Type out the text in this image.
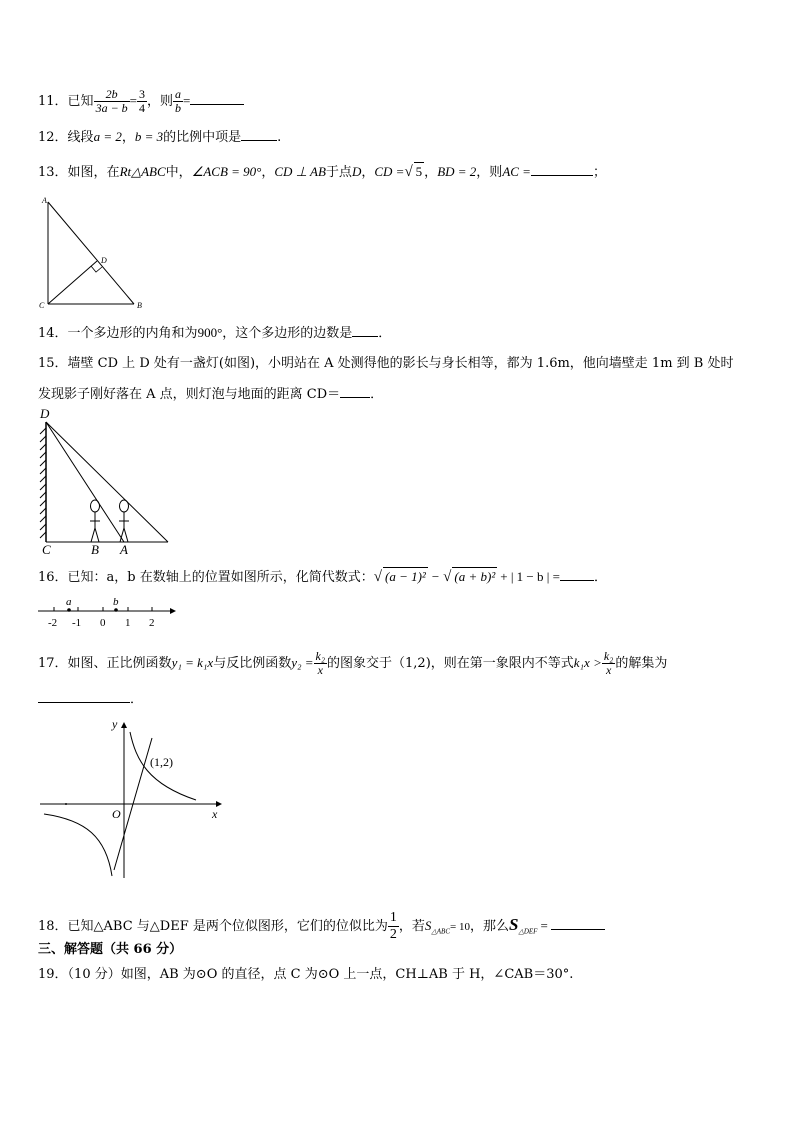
11．已知 $\frac{2b}{3a - b} = \frac{3}{4}$ ，则 $\frac{a}{b}$ =
12．线段a = 2，b = 3的比例中项是	.
13．如图，在Rt△ABC中，∠ACB = 90°，CD ⊥ AB于点D，CD =√ 5 ，BD = 2，则AC =	；
A
D
C	B
14．一个多边形的内角和为900°，这个多边形的边数是 ．
15．墙壁 CD 上 D 处有一盏灯(如图)，小明站在 A 处测得他的影长与身长相等，都为 1.6m，他向墙壁走 1m 到 B 处时
发现影子刚好落在 A 点，则灯泡与地面的距离 CD＝ ．
D
C	B A
16．已知：a，b 在数轴上的位置如图所示，化简代数式：√ (a − 1)² − √ (a + b)² + | 1 − b | =	．
a	b
-2 -1 0 1 2
17．如图、正比例函数y₁ = k₁x与反比例函数$y_2 = \frac{\text{k₂}}{x}$ 的图象交于（1,2)，则在第一象限内不等式$k_1x > \frac{\text{k₂}}{x}$ 的解集为
．
y
x
O
(1,2)
18．已知△ABC 与△DEF 是两个位似图形，它们的位似比为 $\frac{1}{2}$ ，若$S_{\triangle ABC}= 10$，那么$S_{\triangle DEF}$ =
三、解答题（共 66 分）
19．（10 分）如图，AB 为⊙O 的直径，点 C 为⊙O 上一点，CH⊥AB 于 H，∠CAB＝30°.
